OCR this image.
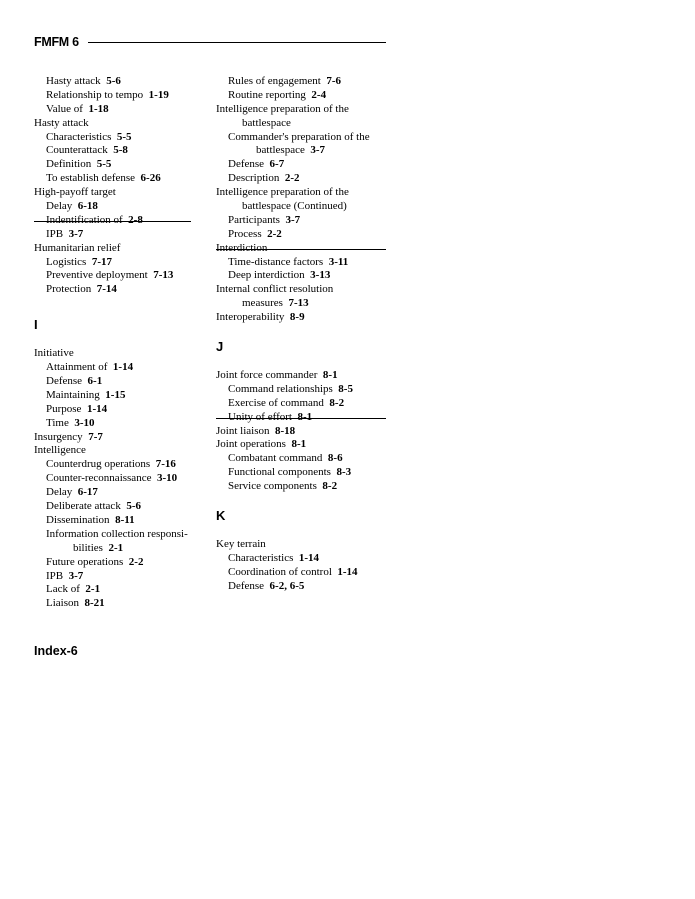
FMFM 6
Hasty attack 5-6
Relationship to tempo 1-19
Value of 1-18
Hasty attack
Characteristics 5-5
Counterattack 5-8
Definition 5-5
To establish defense 6-26
High-payoff target
Delay 6-18
Indentification of 2-8
IPB 3-7
Humanitarian relief
Logistics 7-17
Preventive deployment 7-13
Protection 7-14
I
Initiative
Attainment of 1-14
Defense 6-1
Maintaining 1-15
Purpose 1-14
Time 3-10
Insurgency 7-7
Intelligence
Counterdrug operations 7-16
Counter-reconnaissance 3-10
Delay 6-17
Deliberate attack 5-6
Dissemination 8-11
Information collection responsi-
bilities 2-1
Future operations 2-2
IPB 3-7
Lack of 2-1
Liaison 8-21
Rules of engagement 7-6
Routine reporting 2-4
Intelligence preparation of the
battlespace
Commander's preparation of the
battlespace 3-7
Defense 6-7
Description 2-2
Intelligence preparation of the
battlespace (Continued)
Participants 3-7
Process 2-2
Interdiction
Time-distance factors 3-11
Deep interdiction 3-13
Internal conflict resolution
measures 7-13
Interoperability 8-9
J
Joint force commander 8-1
Command relationships 8-5
Exercise of command 8-2
Unity of effort 8-1
Joint liaison 8-18
Joint operations 8-1
Combatant command 8-6
Functional components 8-3
Service components 8-2
K
Key terrain
Characteristics 1-14
Coordination of control 1-14
Defense 6-2, 6-5
Index-6
